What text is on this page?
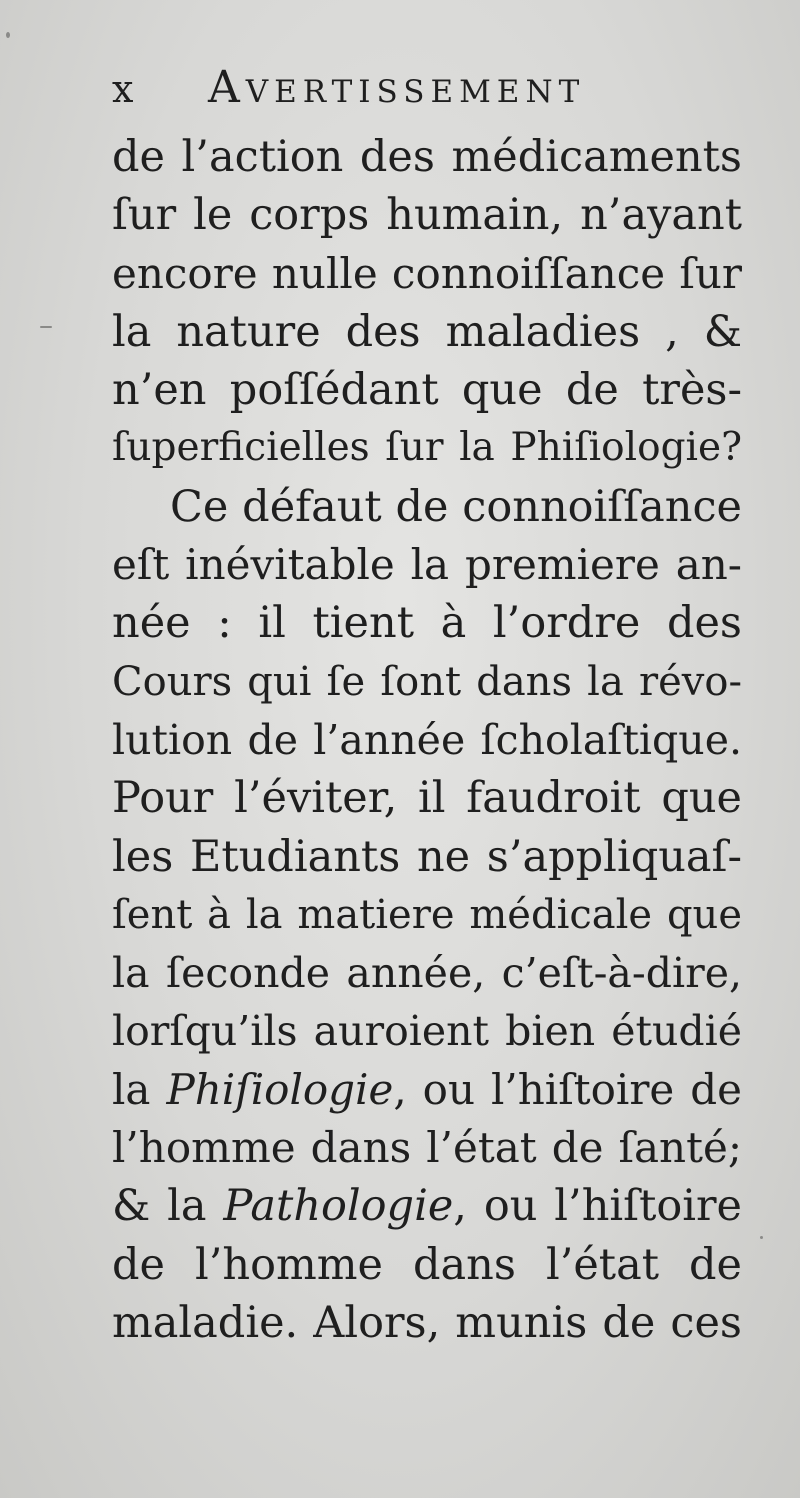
x	Avertissement
de l’action des médicaments
ſur le corps humain, n’ayant
encore nulle connoiſſance ſur
la nature des maladies , &
n’en poſſédant que de très-
ſuperficielles ſur la Phiſiologie?
Ce défaut de connoiſſance
eſt inévitable la premiere an-
née : il tient à l’ordre des
Cours qui ſe ſont dans la révo-
lution de l’année ſcholaſtique.
Pour l’éviter, il faudroit que
les Etudiants ne s’appliquaſ-
ſent à la matiere médicale que
la ſeconde année, c’eſt-à-dire,
lorſqu’ils auroient bien étudié
la Phiſiologie, ou l’hiſtoire de
l’homme dans l’état de ſanté;
& la Pathologie, ou l’hiſtoire
de l’homme dans l’état de
maladie. Alors, munis de ces
